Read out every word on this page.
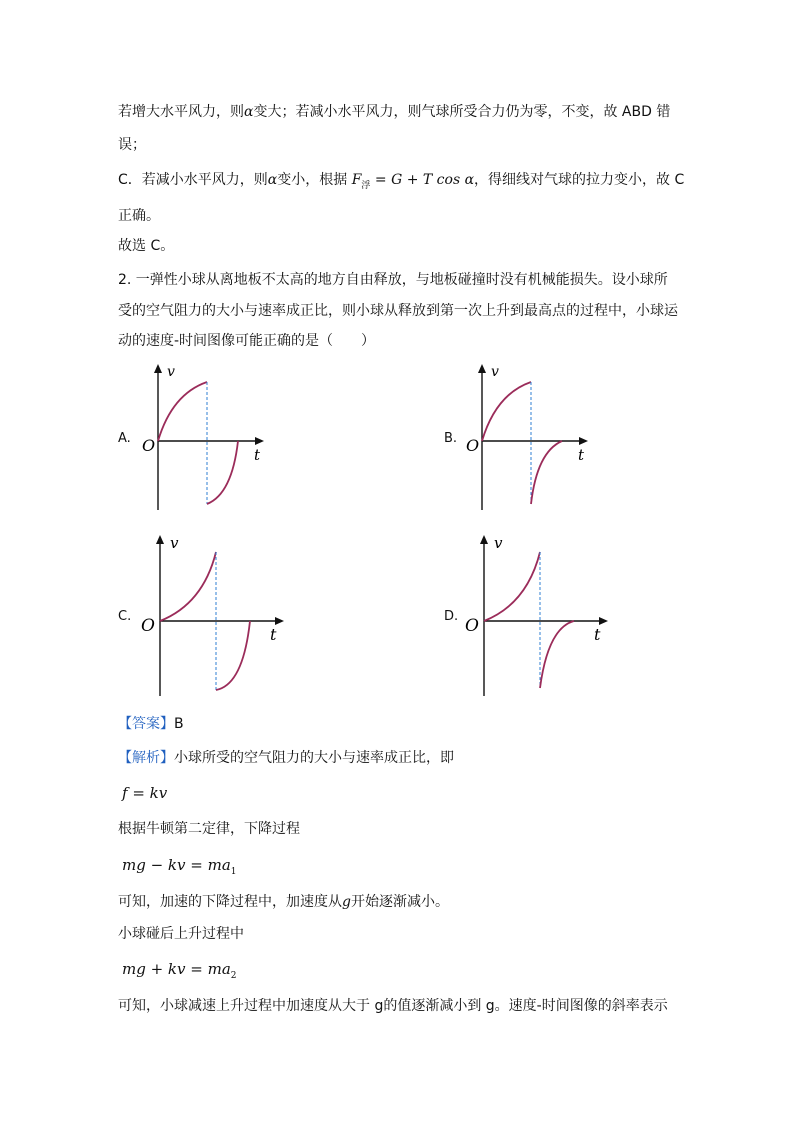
若增大水平风力，则α变大；若减小水平风力，则气球所受合力仍为零，不变，故 ABD 错
误；
C．若减小水平风力，则α变小，根据 $F_浮 = G + T$ cos α，得细线对气球的拉力变小，故 C
正确。
故选 C。
2. 一弹性小球从离地板不太高的地方自由释放，与地板碰撞时没有机械能损失。设小球所
受的空气阻力的大小与速率成正比，则小球从释放到第一次上升到最高点的过程中，小球运
动的速度-时间图像可能正确的是（　　）
A.
v
O	t
B.
v
O	t
C.
v
O	t
D.
v
O	t
【答案】B
【解析】小球所受的空气阻力的大小与速率成正比，即
f = kv
根据牛顿第二定律，下降过程
mg − kv = $ma_1$
可知，加速的下降过程中，加速度从g开始逐渐减小。
小球碰后上升过程中
mg + kv = $ma_2$
可知，小球减速上升过程中加速度从大于 g的值逐渐减小到 g。速度-时间图像的斜率表示
